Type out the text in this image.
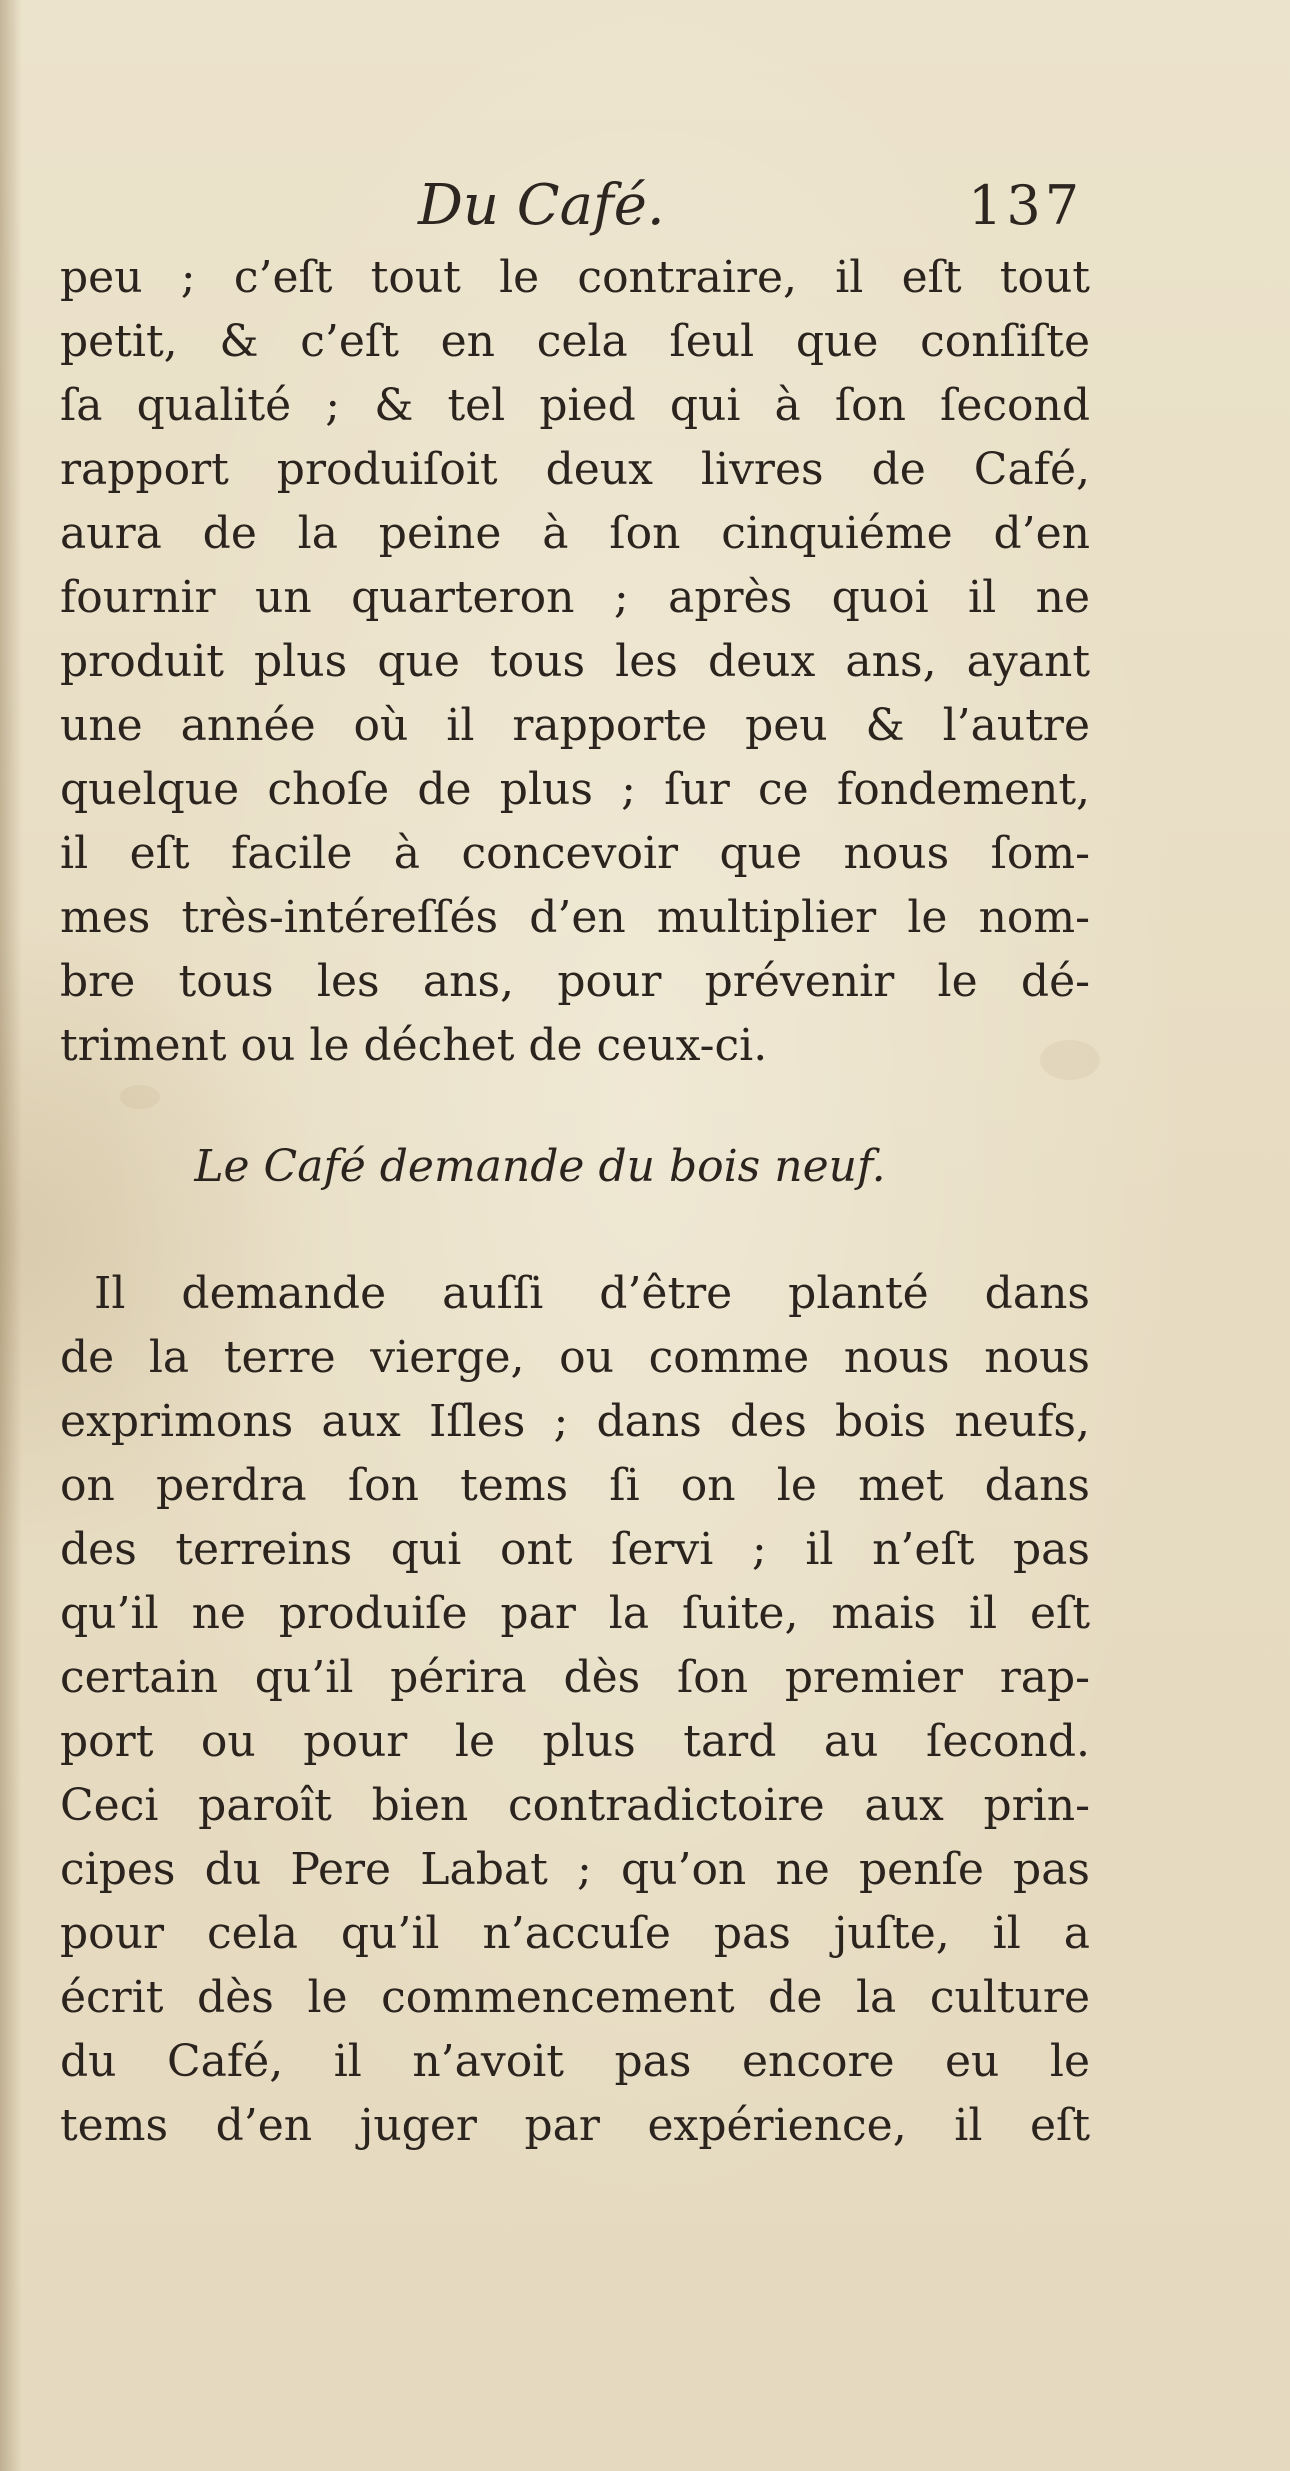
Du Café.	137
peu ; c’eſt tout le contraire, il eſt tout
petit, & c’eſt en cela ſeul que conſiſte
ſa qualité ; & tel pied qui à ſon ſecond
rapport produiſoit deux livres de Café,
aura de la peine à ſon cinquiéme d’en
fournir un quarteron ; après quoi il ne
produit plus que tous les deux ans, ayant
une année où il rapporte peu & l’autre
quelque choſe de plus ; ſur ce fondement,
il eſt facile à concevoir que nous ſom-
mes très-intéreſſés d’en multiplier le nom-
bre tous les ans, pour prévenir le dé-
triment ou le déchet de ceux-ci.
Le Café demande du bois neuf.
Il demande auſſi d’être planté dans
de la terre vierge, ou comme nous nous
exprimons aux Iſles ; dans des bois neufs,
on perdra ſon tems ſi on le met dans
des terreins qui ont ſervi ; il n’eſt pas
qu’il ne produiſe par la ſuite, mais il eſt
certain qu’il périra dès ſon premier rap-
port ou pour le plus tard au ſecond.
Ceci paroît bien contradictoire aux prin-
cipes du Pere Labat ; qu’on ne penſe pas
pour cela qu’il n’accuſe pas juſte, il a
écrit dès le commencement de la culture
du Café, il n’avoit pas encore eu le
tems d’en juger par expérience, il eſt
